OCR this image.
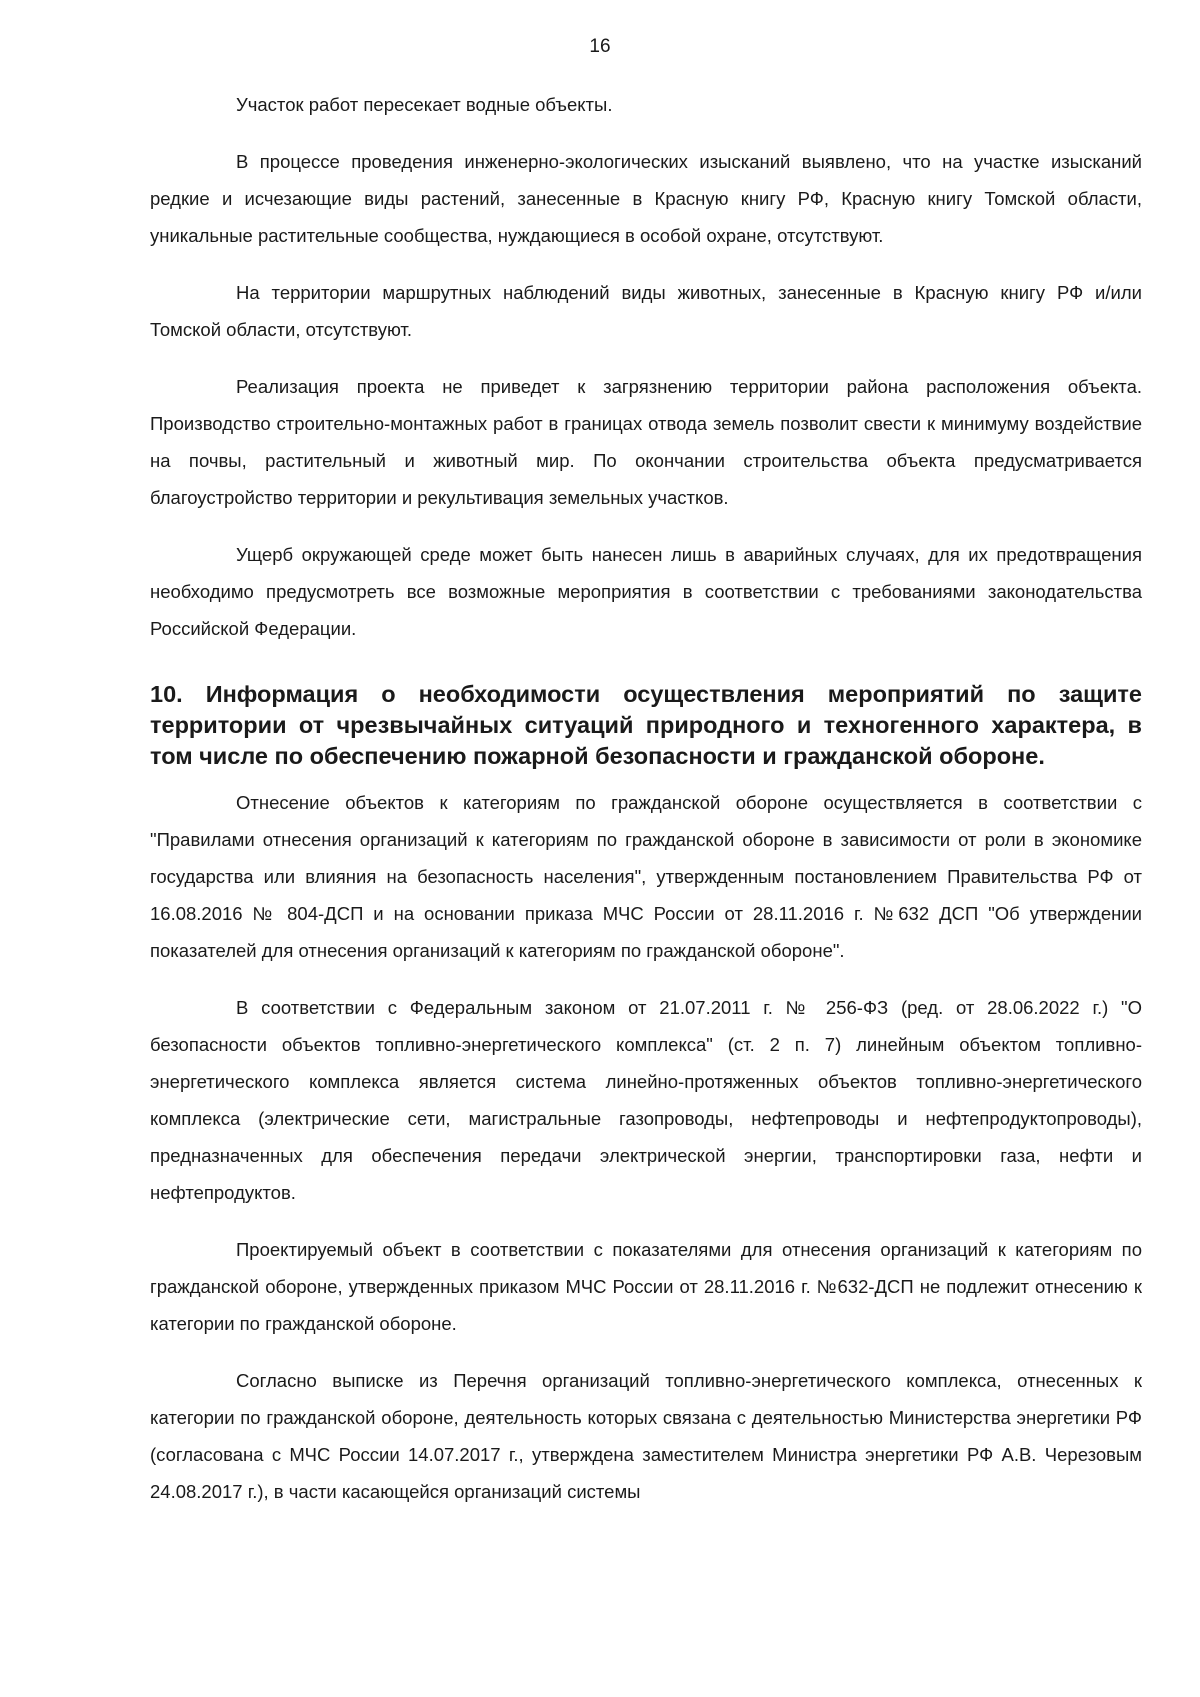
16

Участок работ пересекает водные объекты.

В процессе проведения инженерно-экологических изысканий выявлено, что на участке изысканий редкие и исчезающие виды растений, занесенные в Красную книгу РФ, Красную книгу Томской области, уникальные растительные сообщества, нуждающиеся в особой охране, отсутствуют.

На территории маршрутных наблюдений виды животных, занесенные в Красную книгу РФ и/или Томской области, отсутствуют.

Реализация проекта не приведет к загрязнению территории района расположения объекта. Производство строительно-монтажных работ в границах отвода земель позволит свести к минимуму воздействие на почвы, растительный и животный мир. По окончании строительства объекта предусматривается благоустройство территории и рекультивация земельных участков.

Ущерб окружающей среде может быть нанесен лишь в аварийных случаях, для их предотвращения необходимо предусмотреть все возможные мероприятия в соответствии с требованиями законодательства Российской Федерации.

10. Информация о необходимости осуществления мероприятий по защите территории от чрезвычайных ситуаций природного и техногенного характера, в том числе по обеспечению пожарной безопасности и гражданской обороне.

Отнесение объектов к категориям по гражданской обороне осуществляется в соответствии с "Правилами отнесения организаций к категориям по гражданской обороне в зависимости от роли в экономике государства или влияния на безопасность населения", утвержденным постановлением Правительства РФ от 16.08.2016 № 804-ДСП и на основании приказа МЧС России от 28.11.2016 г. №632 ДСП "Об утверждении показателей для отнесения организаций к категориям по гражданской обороне".

В соответствии с Федеральным законом от 21.07.2011 г. № 256-ФЗ (ред. от 28.06.2022 г.) "О безопасности объектов топливно-энергетического комплекса" (ст. 2 п. 7) линейным объектом топливно-энергетического комплекса является система линейно-протяженных объектов топливно-энергетического комплекса (электрические сети, магистральные газопроводы, нефтепроводы и нефтепродуктопроводы), предназначенных для обеспечения передачи электрической энергии, транспортировки газа, нефти и нефтепродуктов.

Проектируемый объект в соответствии с показателями для отнесения организаций к категориям по гражданской обороне, утвержденных приказом МЧС России от 28.11.2016 г. №632-ДСП не подлежит отнесению к категории по гражданской обороне.

Согласно выписке из Перечня организаций топливно-энергетического комплекса, отнесенных к категории по гражданской обороне, деятельность которых связана с деятельностью Министерства энергетики РФ (согласована с МЧС России 14.07.2017 г., утверждена заместителем Министра энергетики РФ А.В. Черезовым 24.08.2017 г.), в части касающейся организаций системы
